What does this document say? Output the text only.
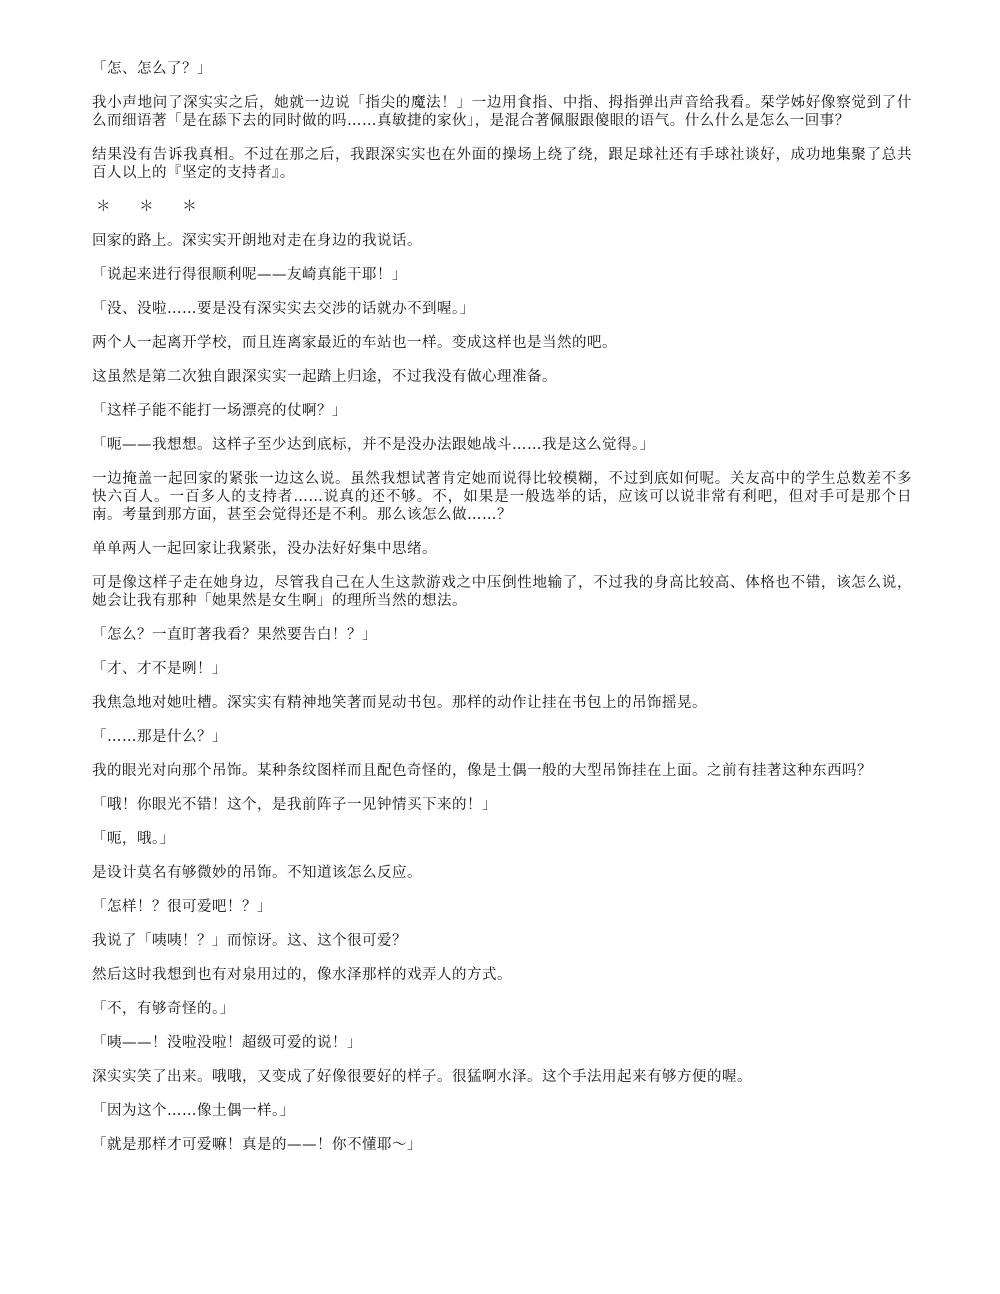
「怎、怎么了？」

我小声地问了深实实之后，她就一边说「指尖的魔法！」一边用食指、中指、拇指弹出声音给我看。栞学姊好像察觉到了什么而细语著「是在舔下去的同时做的吗……真敏捷的家伙」，是混合著佩服跟傻眼的语气。什么什么是怎么一回事？

结果没有告诉我真相。不过在那之后，我跟深实实也在外面的操场上绕了绕，跟足球社还有手球社谈好，成功地集聚了总共百人以上的『坚定的支持者』。

＊ ＊ ＊

回家的路上。深实实开朗地对走在身边的我说话。

「说起来进行得很顺利呢——友崎真能干耶！」

「没、没啦……要是没有深实实去交涉的话就办不到喔。」

两个人一起离开学校，而且连离家最近的车站也一样。变成这样也是当然的吧。

这虽然是第二次独自跟深实实一起踏上归途，不过我没有做心理准备。

「这样子能不能打一场漂亮的仗啊？」

「呃——我想想。这样子至少达到底标，并不是没办法跟她战斗……我是这么觉得。」

一边掩盖一起回家的紧张一边这么说。虽然我想试著肯定她而说得比较模糊，不过到底如何呢。关友高中的学生总数差不多快六百人。一百多人的支持者……说真的还不够。不，如果是一般选举的话，应该可以说非常有利吧，但对手可是那个日南。考量到那方面，甚至会觉得还是不利。那么该怎么做……？

单单两人一起回家让我紧张，没办法好好集中思绪。

可是像这样子走在她身边，尽管我自己在人生这款游戏之中压倒性地输了，不过我的身高比较高、体格也不错，该怎么说，她会让我有那种「她果然是女生啊」的理所当然的想法。

「怎么？一直盯著我看？果然要告白！？」

「才、才不是咧！」

我焦急地对她吐槽。深实实有精神地笑著而晃动书包。那样的动作让挂在书包上的吊饰摇晃。

「……那是什么？」

我的眼光对向那个吊饰。某种条纹图样而且配色奇怪的，像是土偶一般的大型吊饰挂在上面。之前有挂著这种东西吗？

「哦！你眼光不错！这个，是我前阵子一见钟情买下来的！」

「呃，哦。」

是设计莫名有够微妙的吊饰。不知道该怎么反应。

「怎样！？很可爱吧！？」

我说了「咦咦！？」而惊讶。这、这个很可爱？

然后这时我想到也有对泉用过的，像水泽那样的戏弄人的方式。

「不，有够奇怪的。」

「咦——！没啦没啦！超级可爱的说！」

深实实笑了出来。哦哦，又变成了好像很要好的样子。很猛啊水泽。这个手法用起来有够方便的喔。

「因为这个……像土偶一样。」

「就是那样才可爱嘛！真是的——！你不懂耶～」
